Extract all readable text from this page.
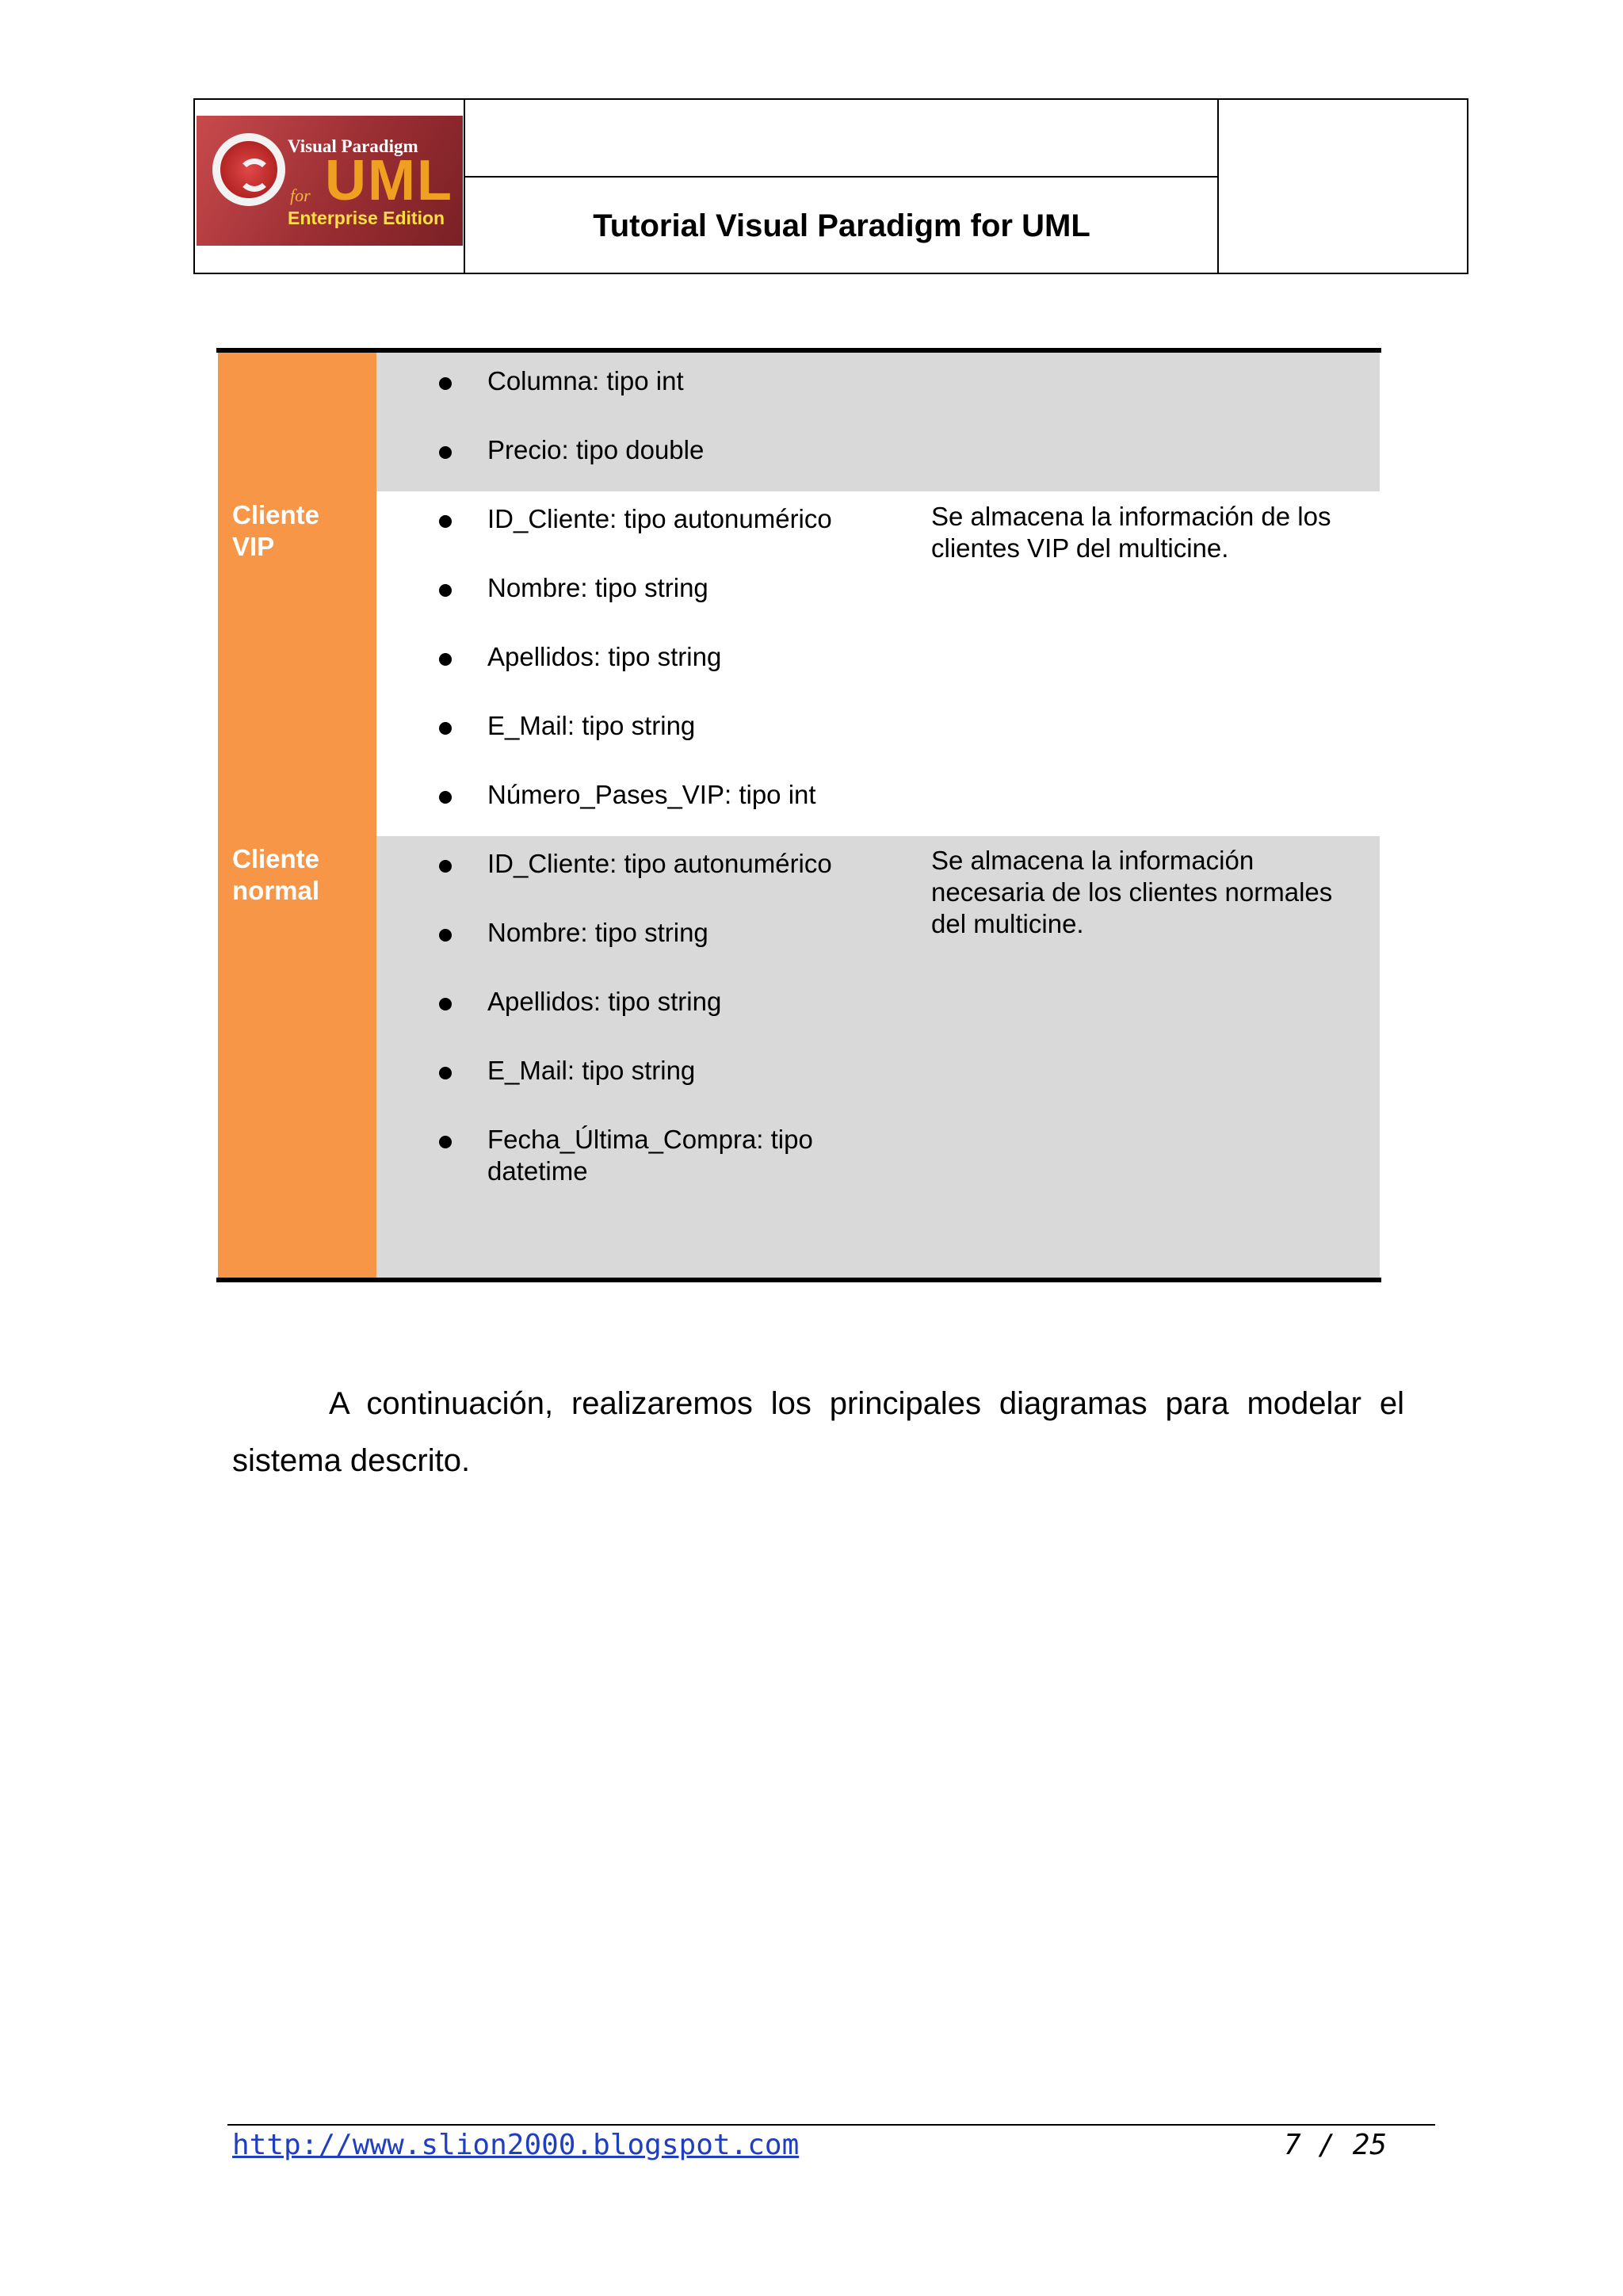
Visual Paradigm
for UML
Enterprise Edition	Tutorial Visual Paradigm for UML
Columna: tipo int
Precio: tipo double
Cliente
VIP
ID_Cliente: tipo autonumérico
Nombre: tipo string
Apellidos: tipo string
E_Mail: tipo string
Número_Pases_VIP: tipo int
Se almacena la información de los clientes VIP del multicine.
Cliente
normal
ID_Cliente: tipo autonumérico
Nombre: tipo string
Apellidos: tipo string
E_Mail: tipo string
Fecha_Última_Compra: tipo datetime
Se almacena la información necesaria de los clientes normales del multicine.
A continuación, realizaremos los principales diagramas para modelar el sistema descrito.
http://www.slion2000.blogspot.com	7 / 25
